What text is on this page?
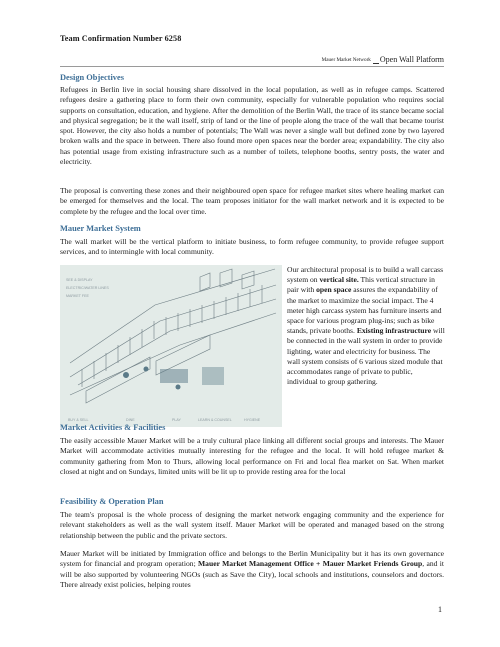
Team Confirmation Number 6258
Mauer Market Network Open Wall Platform
Design Objectives

Refugees in Berlin live in social housing share dissolved in the local population, as well as in refugee camps. Scattered refugees desire a gathering place to form their own community, especially for vulnerable population who requires social supports on consultation, education, and hygiene. After the demolition of the Berlin Wall, the trace of its stance became social and physical segregation; be it the wall itself, strip of land or the line of people along the trace of the wall that became tourist spot. However, the city also holds a number of potentials; The Wall was never a single wall but defined zone by two layered broken walls and the space in between. There also found more open spaces near the border area; expandability. The city also has potential usage from existing infrastructure such as a number of toilets, telephone booths, sentry posts, the water and electricity.

The proposal is converting these zones and their neighboured open space for refugee market sites where healing market can be emerged for themselves and the local. The team proposes initiator for the wall market network and it is expected to be complete by the refugee and the local over time.

Mauer Market System

The wall market will be the vertical platform to initiate business, to form refugee community, to provide refugee support services, and to intermingle with local community.

SEE & DISPLAY
ELECTRIC/WATER LINES
MARKET FEE
BUY & SELL	DINE	PLAY	LEARN & COUNSEL	HYGIENE

Our architectural proposal is to build a wall carcass system on vertical site. This vertical structure in pair with open space assures the expandability of the market to maximize the social impact. The 4 meter high carcass system has furniture inserts and space for various program plug-ins; such as bike stands, private booths. Existing infrastructure will be connected in the wall system in order to provide lighting, water and electricity for business. The wall system consists of 6 various sized module that accommodates range of private to public, individual to group gathering.

Market Activities & Facilities

The easily accessible Mauer Market will be a truly cultural place linking all different social groups and interests. The Mauer Market will accommodate activities mutually interesting for the refugee and the local. It will hold refugee market & community gathering from Mon to Thurs, allowing local performance on Fri and local flea market on Sat. When market closed at night and on Sundays, limited units will be lit up to provide resting area for the local

Feasibility & Operation Plan

The team's proposal is the whole process of designing the market network engaging community and the experience for relevant stakeholders as well as the wall system itself. Mauer Market will be operated and managed based on the strong relationship between the public and the private sectors.

Mauer Market will be initiated by Immigration office and belongs to the Berlin Municipality but it has its own governance system for financial and program operation; Mauer Market Management Office + Mauer Market Friends Group, and it will be also supported by volunteering NGOs (such as Save the City), local schools and institutions, counselors and doctors. There already exist policies, helping routes

1
